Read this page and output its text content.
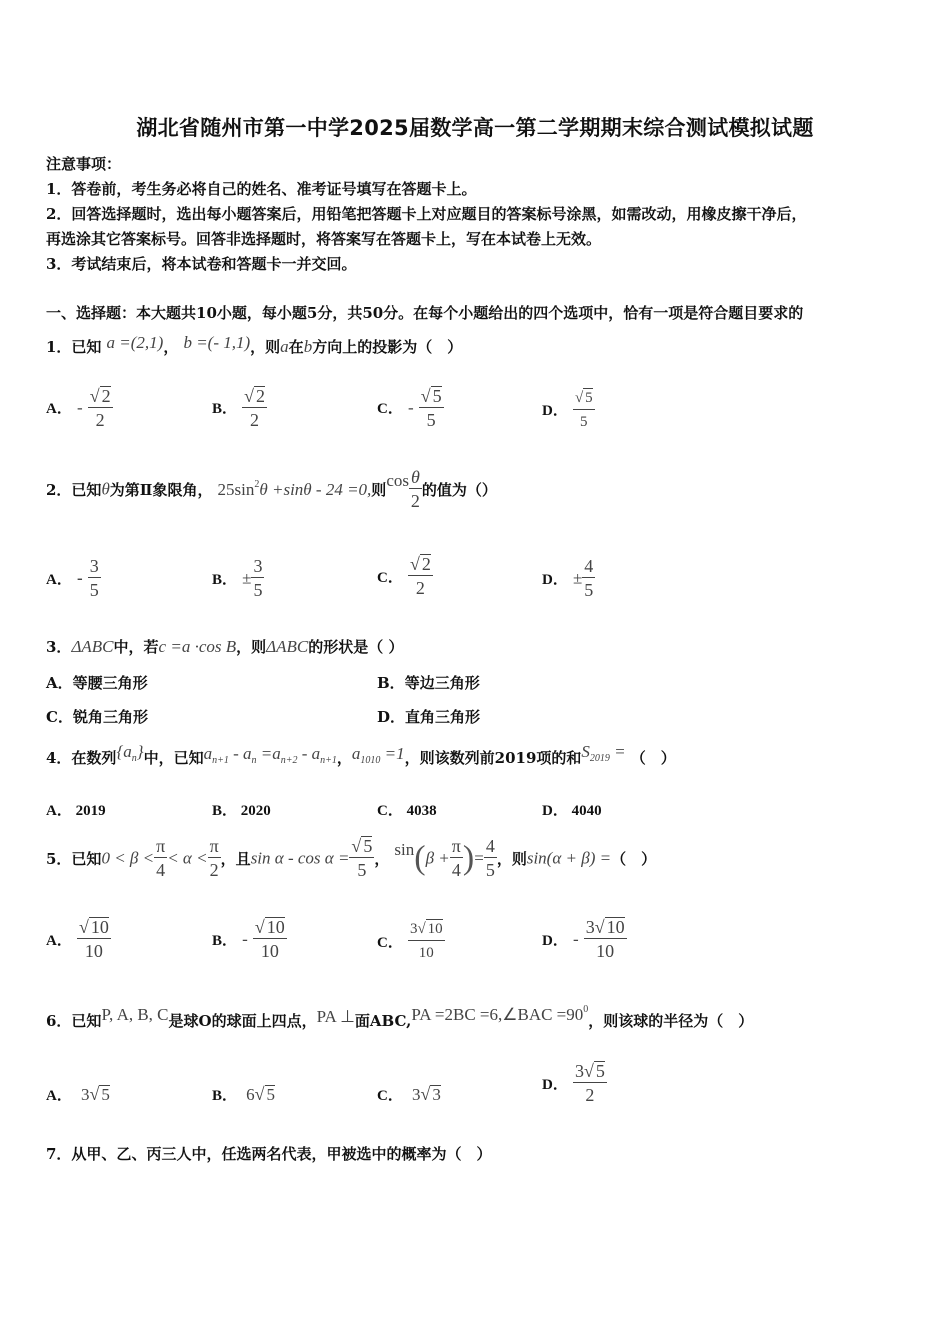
湖北省随州市第一中学2025届数学高一第二学期期末综合测试模拟试题
注意事项：
1．答卷前，考生务必将自己的姓名、准考证号填写在答题卡上。
2．回答选择题时，选出每小题答案后，用铅笔把答题卡上对应题目的答案标号涂黑，如需改动，用橡皮擦干净后，
再选涂其它答案标号。回答非选择题时，将答案写在答题卡上，写在本试卷上无效。
3．考试结束后，将本试卷和答题卡一并交回。
一、选择题：本大题共10小题，每小题5分，共50分。在每个小题给出的四个选项中，恰有一项是符合题目要求的
1．已知 a =(2,1)， b =(- 1,1)，则a在b方向上的投影为（　）
A． - $\frac{√ 2}{2}$	B． $\frac{√ 2}{2}$	C． - $\frac{√ 5}{5}$	D． $\frac{√ 5}{5}$
2．已知θ为第Ⅱ象限角， $25\sin^2\theta +\sin\theta - 24 =0$,则$\cos \frac{\theta}{2}$ 的值为（）
A． - $\frac{3}{5}$	B． ± $\frac{3}{5}$	C． $\frac{√ 2}{2}$	D． ± $\frac{4}{5}$
3．ΔABC中，若c =a ·cos B，则ΔABC的形状是（ ）
A．等腰三角形	B．等边三角形
C．锐角三角形	D．直角三角形
4．在数列$\{a_n\}$中，已知$a_{n+1} - a_n =a_{n+2} - a_{n+1}$，$a_{1010} =1$，则该数列前2019项的和$S_{2019}$ = （　）
A． 2019	B． 2020	C． 4038	D． 4040
5．已知$0 < \beta < \frac{\pi}{4} < \alpha < \frac{\pi}{2}$ ，且$\sin \alpha - \cos \alpha = \frac{√ 5}{5}$ ， $\sin(\beta + \frac{\pi}{4}$ )= $\frac{4}{5}$ ，则sin(α + β) =（　）
A． $\frac{√ 10}{10}$	B． - $\frac{√ 10}{10}$	C． $\frac{3√ 10}{10}$	D． - $\frac{3√ 10}{10}$
6．已知P, A, B, C是球O的球面上四点，PA ⊥面ABC,PA =2BC =6,∠BAC $=90^0$，则该球的半径为（　）
A． 3√ 5	B． 6√ 5	C． 3√ 3	D． $\frac{3√ 5}{2}$
7．从甲、乙、丙三人中，任选两名代表，甲被选中的概率为（　）
